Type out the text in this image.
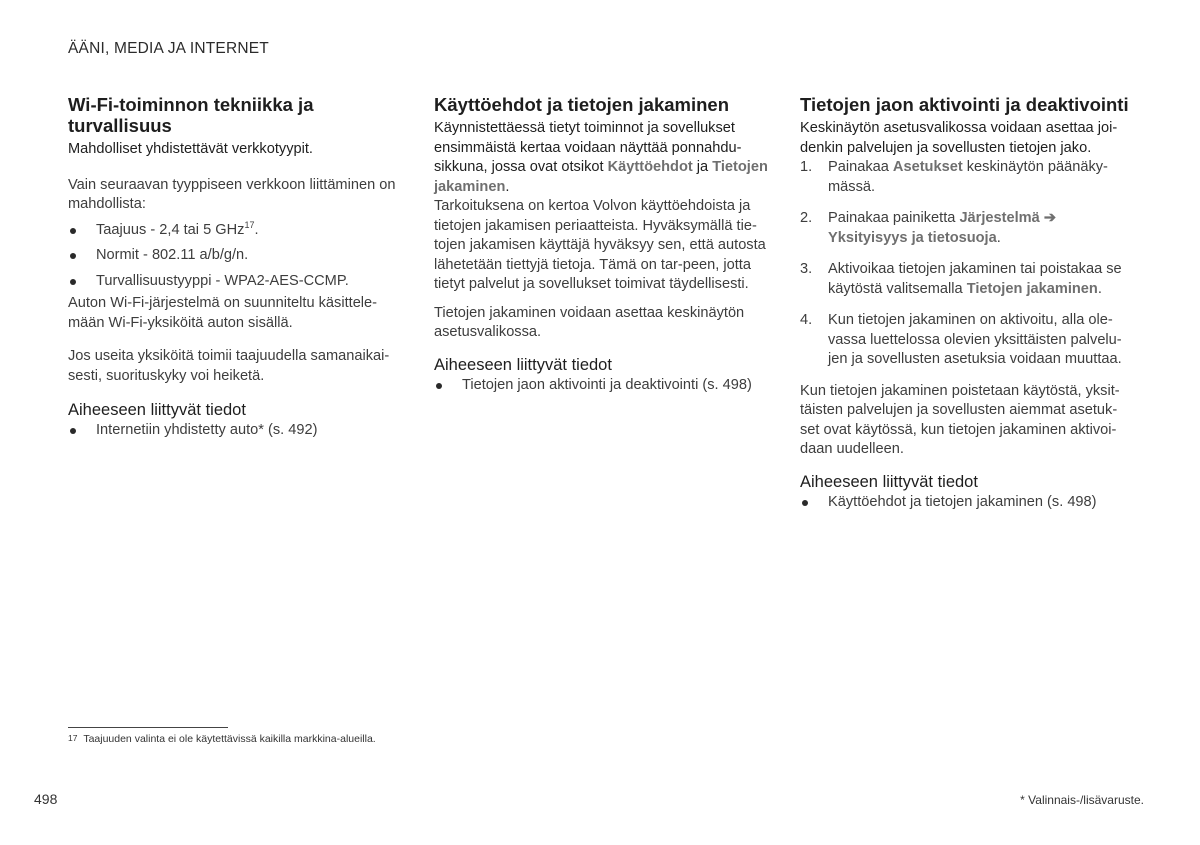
ÄÄNI, MEDIA JA INTERNET
Wi-Fi-toiminnon tekniikka ja turvallisuus

Mahdolliset yhdistettävät verkkotyypit.

Vain seuraavan tyyppiseen verkkoon liittäminen on mahdollista:

Taajuus - 2,4 tai 5 GHz$^{17}$.
Normit - 802.11 a/b/g/n.
Turvallisuustyyppi - WPA2-AES-CCMP.

Auton Wi-Fi-järjestelmä on suunniteltu käsittele-mään Wi-Fi-yksiköitä auton sisällä.

Jos useita yksiköitä toimii taajuudella samanaikai-sesti, suorituskyky voi heiketä.

Aiheeseen liittyvät tiedot
Internetiin yhdistetty auto* (s. 492)
Käyttöehdot ja tietojen jakaminen

Käynnistettäessä tietyt toiminnot ja sovellukset ensimmäistä kertaa voidaan näyttää ponnahdu-sikkuna, jossa ovat otsikot Käyttöehdot ja Tietojen jakaminen.

Tarkoituksena on kertoa Volvon käyttöehdoista ja tietojen jakamisen periaatteista. Hyväksymällä tie-tojen jakamisen käyttäjä hyväksyy sen, että autosta lähetetään tiettyjä tietoja. Tämä on tar-peen, jotta tietyt palvelut ja sovellukset toimivat täydellisesti.

Tietojen jakaminen voidaan asettaa keskinäytön asetusvalikossa.

Aiheeseen liittyvät tiedot
Tietojen jaon aktivointi ja deaktivointi (s. 498)
Tietojen jaon aktivointi ja deaktivointi

Keskinäytön asetusvalikossa voidaan asettaa joi-denkin palvelujen ja sovellusten tietojen jako.

1. Painakaa Asetukset keskinäytön päänäky-mässä.
2. Painakaa painiketta Järjestelmä ➔ Yksityisyys ja tietosuoja.
3. Aktivoikaa tietojen jakaminen tai poistakaa se käytöstä valitsemalla Tietojen jakaminen.
4. Kun tietojen jakaminen on aktivoitu, alla ole-vassa luettelossa olevien yksittäisten palvelu-jen ja sovellusten asetuksia voidaan muuttaa.

Kun tietojen jakaminen poistetaan käytöstä, yksit-täisten palvelujen ja sovellusten aiemmat asetuk-set ovat käytössä, kun tietojen jakaminen aktivoi-daan uudelleen.

Aiheeseen liittyvät tiedot
Käyttöehdot ja tietojen jakaminen (s. 498)
$^{17}$ Taajuuden valinta ei ole käytettävissä kaikilla markkina-alueilla.
498	* Valinnais-/lisävaruste.
